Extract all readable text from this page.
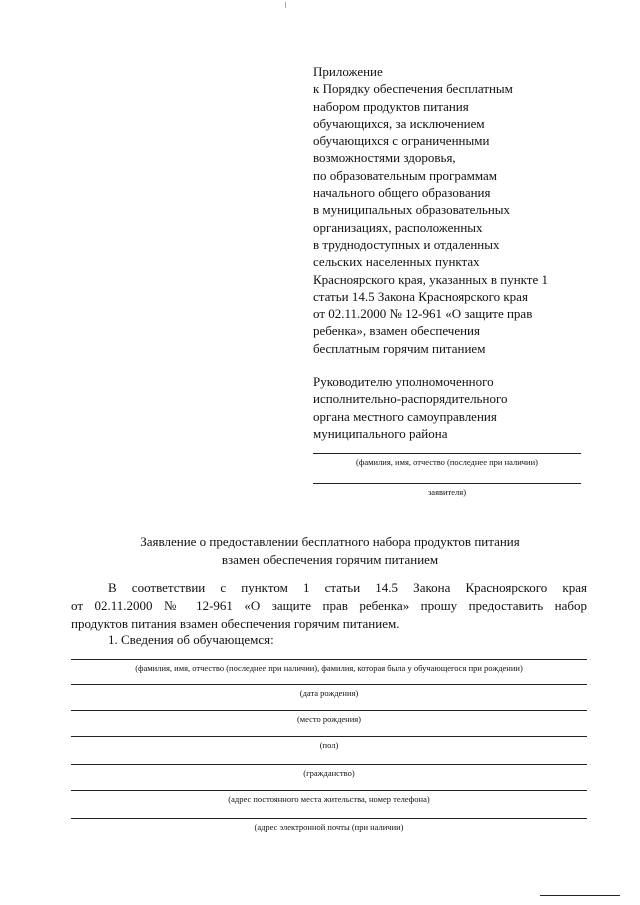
Приложение
к Порядку обеспечения бесплатным
набором продуктов питания
обучающихся, за исключением
обучающихся с ограниченными
возможностями здоровья,
по образовательным программам
начального общего образования
в муниципальных образовательных
организациях, расположенных
в труднодоступных и отдаленных
сельских населенных пунктах
Красноярского края, указанных в пункте 1
статьи 14.5 Закона Красноярского края
от 02.11.2000 № 12-961 «О защите прав
ребенка», взамен обеспечения
бесплатным горячим питанием
Руководителю уполномоченного
исполнительно-распорядительного
органа местного самоуправления
муниципального района
(фамилия, имя, отчество (последнее при наличии)
заявителя)
Заявление о предоставлении бесплатного набора продуктов питания
взамен обеспечения горячим питанием
В соответствии с пунктом 1 статьи 14.5 Закона Красноярского края
от 02.11.2000 № 12-961 «О защите прав ребенка» прошу предоставить набор
продуктов питания взамен обеспечения горячим питанием.
1. Сведения об обучающемся:
(фамилия, имя, отчество (последнее при наличии), фамилия, которая была у обучающегося при рождении)
(дата рождения)
(место рождения)
(пол)
(гражданство)
(адрес постоянного места жительства, номер телефона)
(адрес электронной почты (при наличии)
